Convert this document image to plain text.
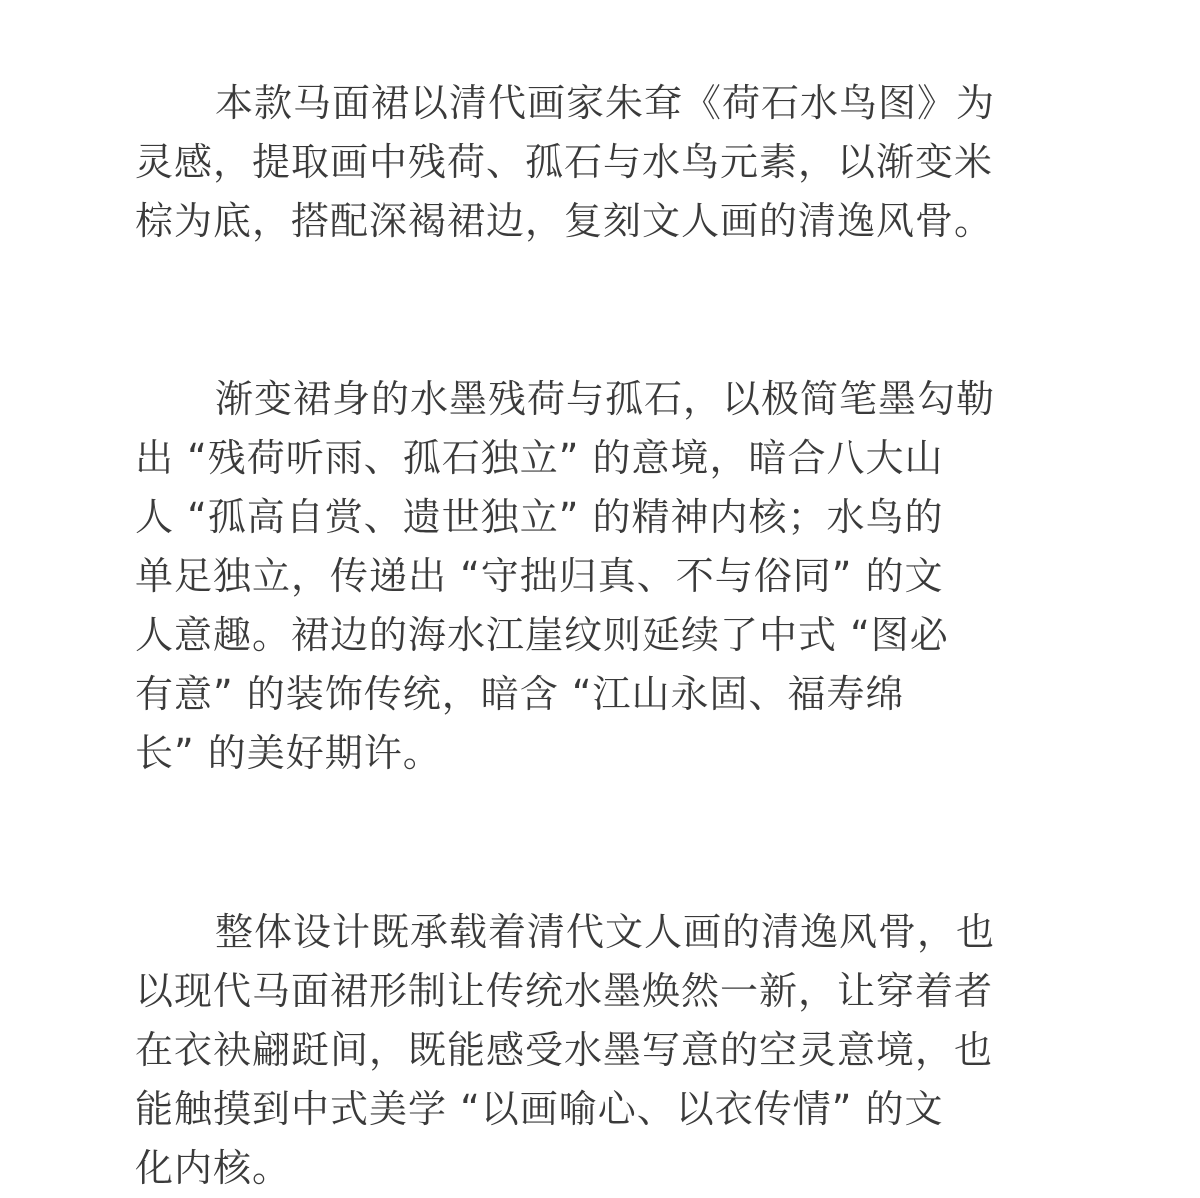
本款马面裙以清代画家朱耷《荷石水鸟图》为
灵感，提取画中残荷、孤石与水鸟元素，以渐变米
棕为底，搭配深褐裙边，复刻文人画的清逸风骨。
渐变裙身的水墨残荷与孤石，以极简笔墨勾勒
出 “残荷听雨、孤石独立” 的意境，暗合八大山
人 “孤高自赏、遗世独立” 的精神内核；水鸟的
单足独立，传递出 “守拙归真、不与俗同” 的文
人意趣。裙边的海水江崖纹则延续了中式 “图必
有意” 的装饰传统，暗含 “江山永固、福寿绵
长” 的美好期许。
整体设计既承载着清代文人画的清逸风骨，也
以现代马面裙形制让传统水墨焕然一新，让穿着者
在衣袂翩跹间，既能感受水墨写意的空灵意境，也
能触摸到中式美学 “以画喻心、以衣传情” 的文
化内核。
